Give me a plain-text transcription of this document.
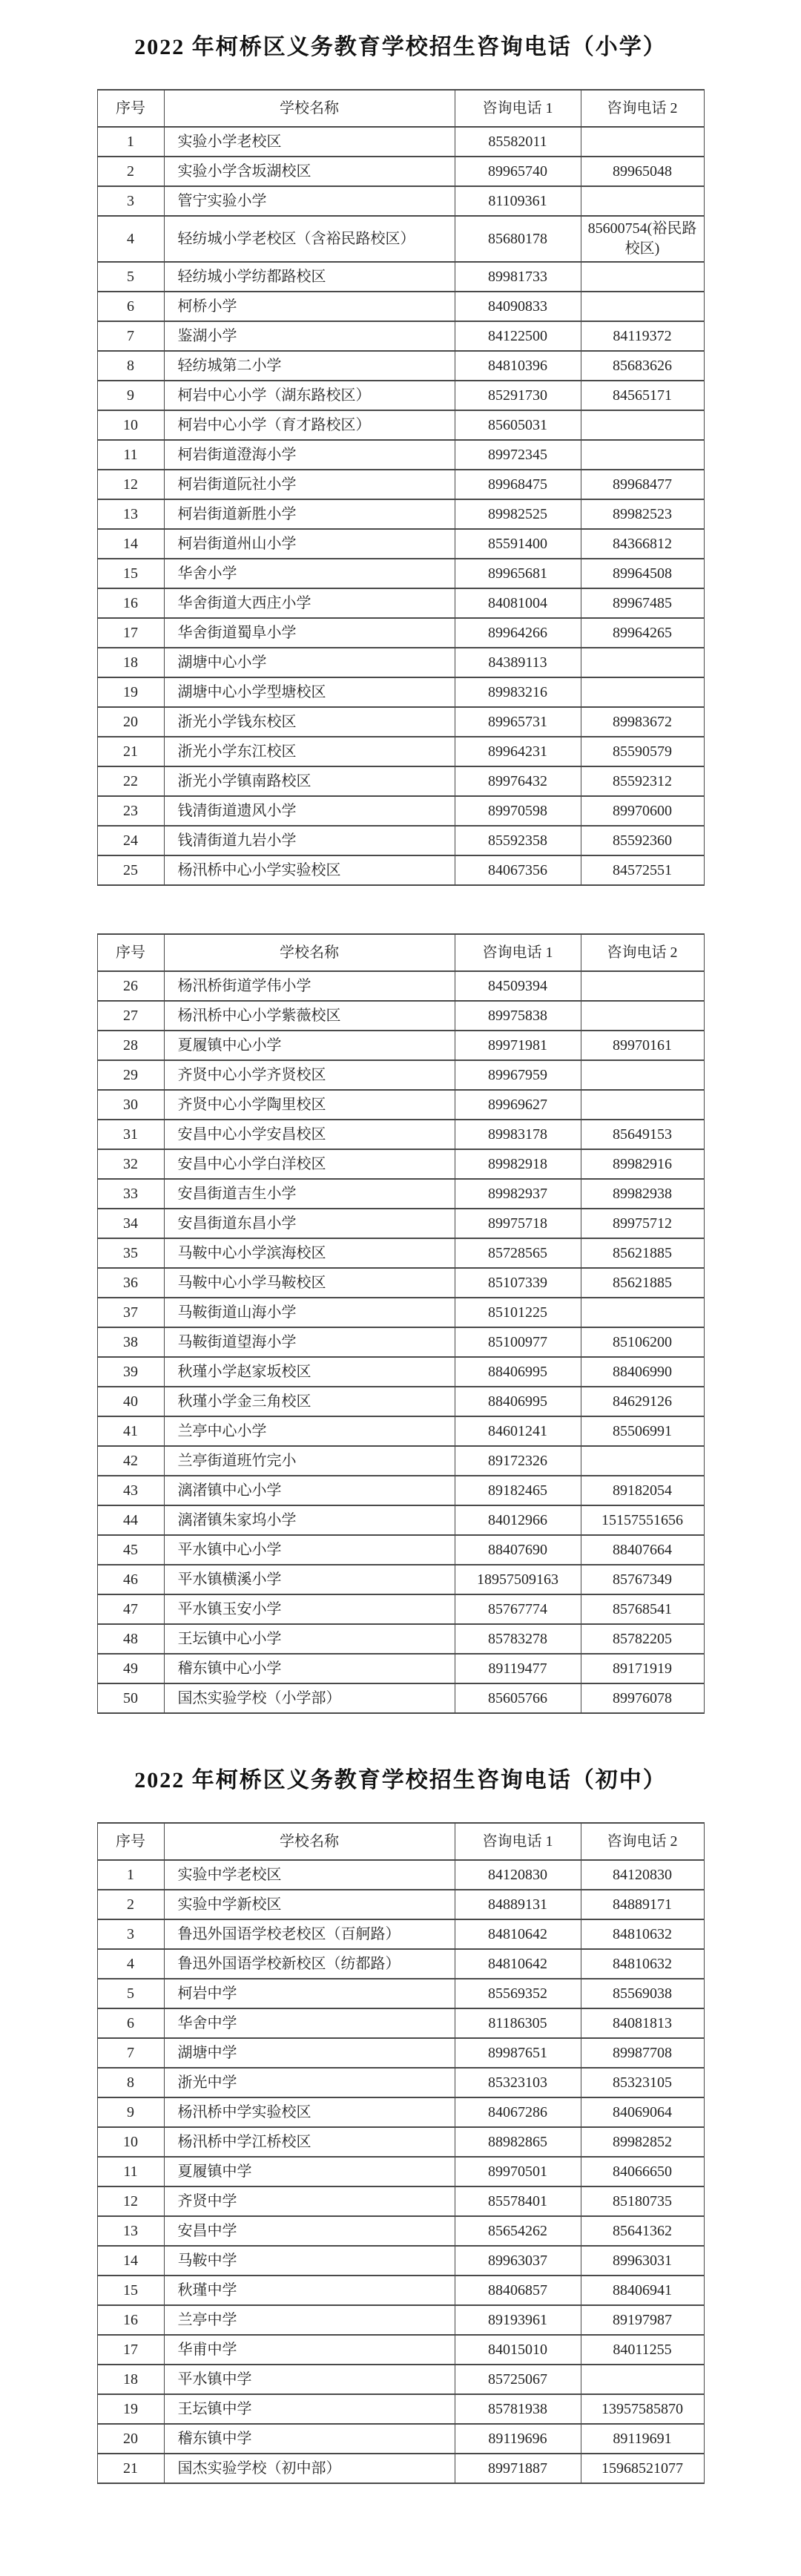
2022 年柯桥区义务教育学校招生咨询电话（小学）
序号	学校名称	咨询电话 1	咨询电话 2
1	实验小学老校区	85582011	
2	实验小学含坂湖校区	89965740	89965048
3	管宁实验小学	81109361	
4	轻纺城小学老校区（含裕民路校区）	85680178	85600754(裕民路校区)
5	轻纺城小学纺都路校区	89981733	
6	柯桥小学	84090833	
7	鉴湖小学	84122500	84119372
8	轻纺城第二小学	84810396	85683626
9	柯岩中心小学（湖东路校区）	85291730	84565171
10	柯岩中心小学（育才路校区）	85605031	
11	柯岩街道澄海小学	89972345	
12	柯岩街道阮社小学	89968475	89968477
13	柯岩街道新胜小学	89982525	89982523
14	柯岩街道州山小学	85591400	84366812
15	华舍小学	89965681	89964508
16	华舍街道大西庄小学	84081004	89967485
17	华舍街道蜀阜小学	89964266	89964265
18	湖塘中心小学	84389113	
19	湖塘中心小学型塘校区	89983216	
20	浙光小学钱东校区	89965731	89983672
21	浙光小学东江校区	89964231	85590579
22	浙光小学镇南路校区	89976432	85592312
23	钱清街道遗风小学	89970598	89970600
24	钱清街道九岩小学	85592358	85592360
25	杨汛桥中心小学实验校区	84067356	84572551
序号	学校名称	咨询电话 1	咨询电话 2
26	杨汛桥街道学伟小学	84509394	
27	杨汛桥中心小学紫薇校区	89975838	
28	夏履镇中心小学	89971981	89970161
29	齐贤中心小学齐贤校区	89967959	
30	齐贤中心小学陶里校区	89969627	
31	安昌中心小学安昌校区	89983178	85649153
32	安昌中心小学白洋校区	89982918	89982916
33	安昌街道吉生小学	89982937	89982938
34	安昌街道东昌小学	89975718	89975712
35	马鞍中心小学滨海校区	85728565	85621885
36	马鞍中心小学马鞍校区	85107339	85621885
37	马鞍街道山海小学	85101225	
38	马鞍街道望海小学	85100977	85106200
39	秋瑾小学赵家坂校区	88406995	88406990
40	秋瑾小学金三角校区	88406995	84629126
41	兰亭中心小学	84601241	85506991
42	兰亭街道班竹完小	89172326	
43	漓渚镇中心小学	89182465	89182054
44	漓渚镇朱家坞小学	84012966	15157551656
45	平水镇中心小学	88407690	88407664
46	平水镇横溪小学	18957509163	85767349
47	平水镇玉安小学	85767774	85768541
48	王坛镇中心小学	85783278	85782205
49	稽东镇中心小学	89119477	89171919
50	国杰实验学校（小学部）	85605766	89976078
2022 年柯桥区义务教育学校招生咨询电话（初中）
序号	学校名称	咨询电话 1	咨询电话 2
1	实验中学老校区	84120830	84120830
2	实验中学新校区	84889131	84889171
3	鲁迅外国语学校老校区（百舸路）	84810642	84810632
4	鲁迅外国语学校新校区（纺都路）	84810642	84810632
5	柯岩中学	85569352	85569038
6	华舍中学	81186305	84081813
7	湖塘中学	89987651	89987708
8	浙光中学	85323103	85323105
9	杨汛桥中学实验校区	84067286	84069064
10	杨汛桥中学江桥校区	88982865	89982852
11	夏履镇中学	89970501	84066650
12	齐贤中学	85578401	85180735
13	安昌中学	85654262	85641362
14	马鞍中学	89963037	89963031
15	秋瑾中学	88406857	88406941
16	兰亭中学	89193961	89197987
17	华甫中学	84015010	84011255
18	平水镇中学	85725067	
19	王坛镇中学	85781938	13957585870
20	稽东镇中学	89119696	89119691
21	国杰实验学校（初中部）	89971887	15968521077
